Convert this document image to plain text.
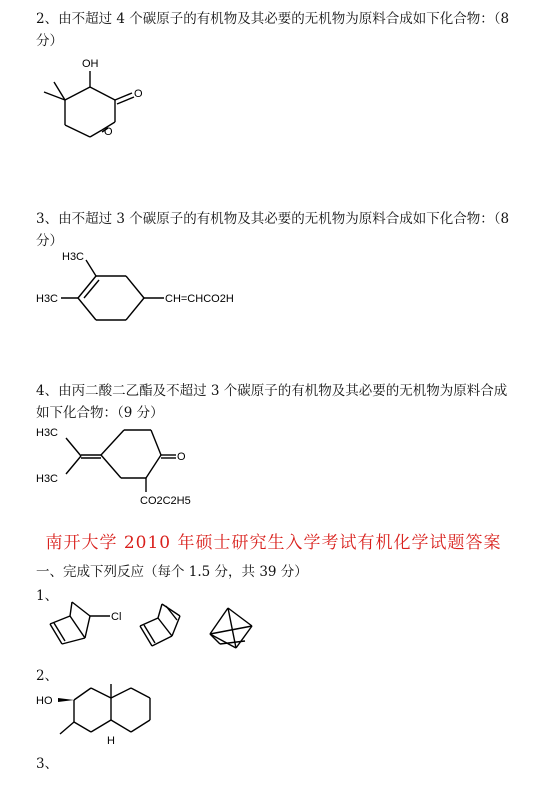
2、由不超过 4 个碳原子的有机物及其必要的无机物为原料合成如下化合物：（8分）
OH
O
O
3、由不超过 3 个碳原子的有机物及其必要的无机物为原料合成如下化合物：（8分）
H3C
H3C	CH=CHCO2H
4、由丙二酸二乙酯及不超过 3 个碳原子的有机物及其必要的无机物为原料合成如下化合物：（9 分）
H3C
H3C
O
CO2C2H5
南开大学 2010 年硕士研究生入学考试有机化学试题答案
一、完成下列反应（每个 1.5 分，共 39 分）
1、
Cl
2、
HO
H
3、
